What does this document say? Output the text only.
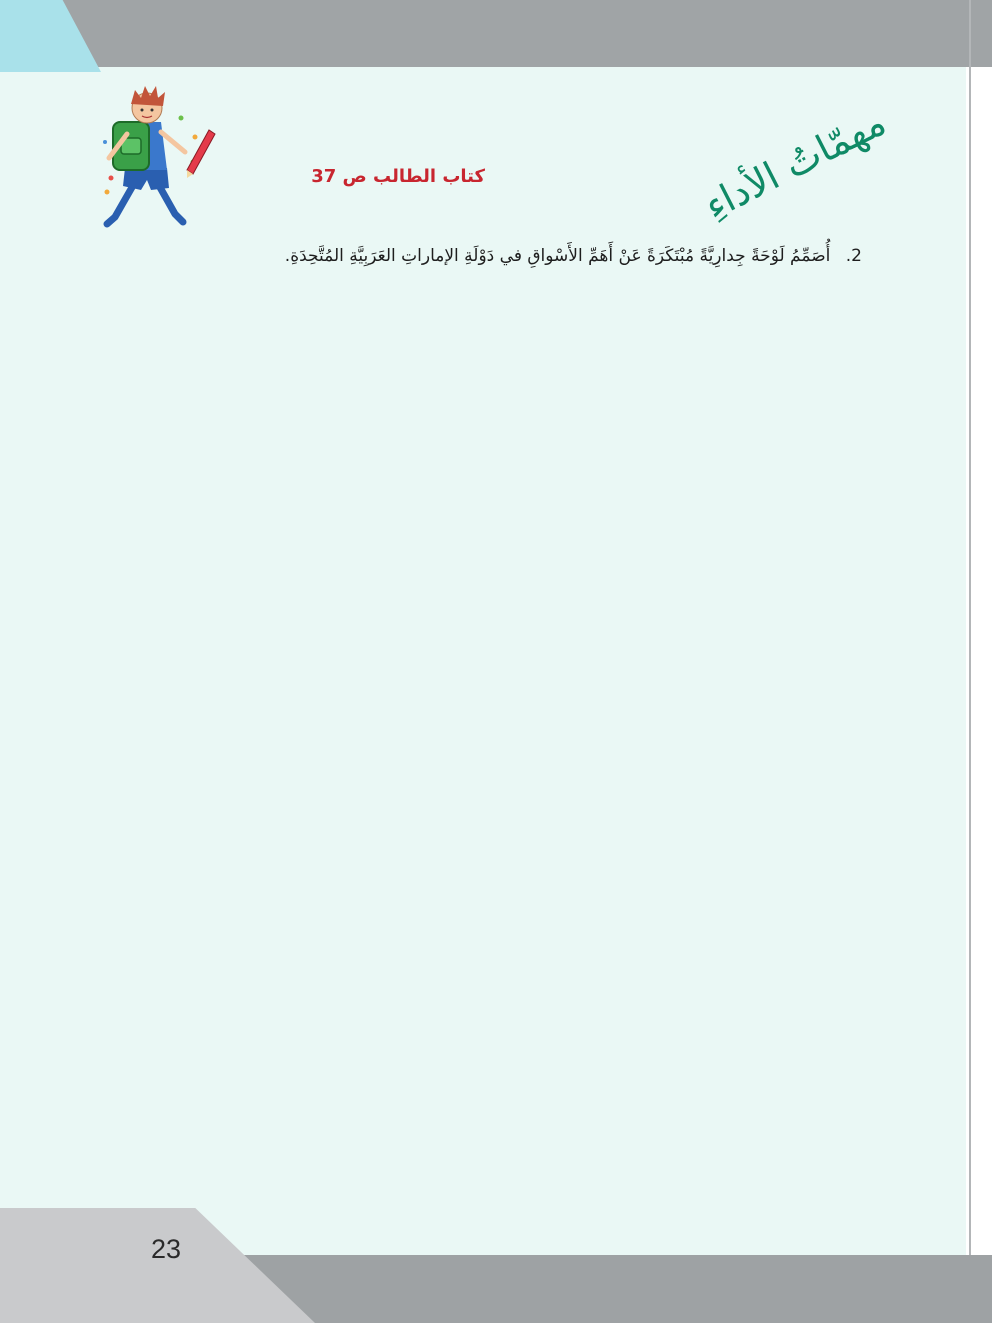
مهمّاتُ الأداءِ
كتاب الطالب ص 37
2. أُصَمِّمُ لَوْحَةً جِدارِيَّةً مُبْتَكَرَةً عَنْ أَهَمِّ الأَسْواقِ في دَوْلَةِ الإماراتِ العَرَبِيَّةِ المُتَّحِدَةِ.
23
